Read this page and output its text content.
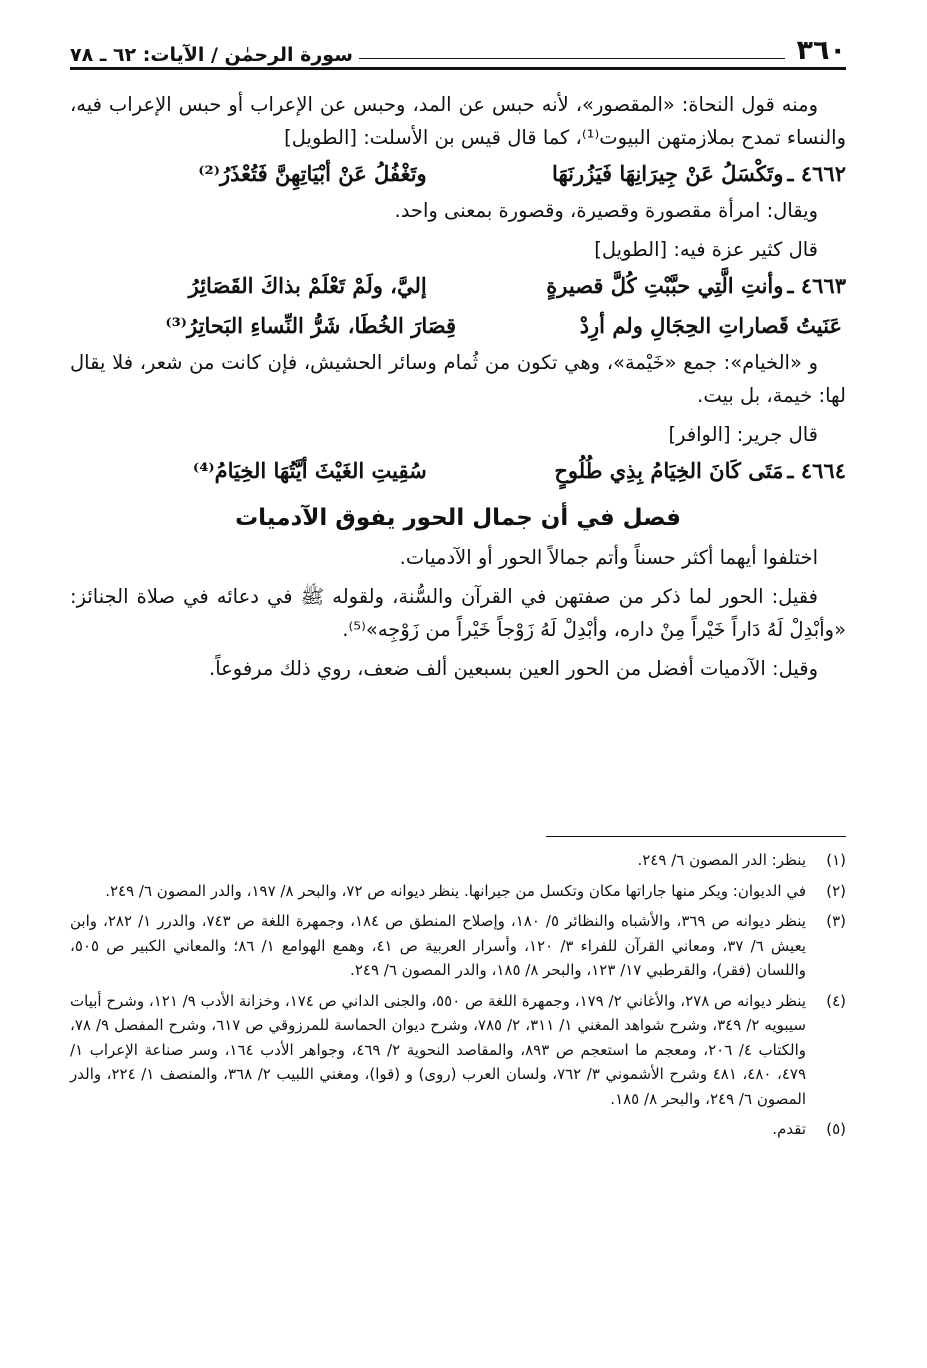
٣٦٠
سورة الرحمٰن / الآيات: ٦٢ ـ ٧٨

ومنه قول النحاة: «المقصور»، لأنه حبس عن المد، وحبس عن الإعراب أو حبس الإعراب فيه، والنساء تمدح بملازمتهن البيوت⁽¹⁾، كما قال قيس بن الأسلت: [الطويل]

٤٦٦٢ ـ
وتَكْسَلُ عَنْ جِيرَانِهَا فَيَزُرنَهَا
وتَغْفُلُ عَنْ أبْيَاتِهِنَّ فَتُعْذَرُ⁽²⁾

ويقال: امرأة مقصورة وقصيرة، وقصورة بمعنى واحد.

قال كثير عزة فيه: [الطويل]

٤٦٦٣ ـ
وأنتِ الَّتِي حبَّبْتِ كُلَّ قصيرةٍ
إليَّ، ولَمْ تَعْلَمْ بذاكَ القَصَائِرُ
عَنَيتُ قَصاراتِ الحِجَالِ ولم أرِدْ
قِصَارَ الخُطَا، شَرُّ النِّساءِ البَحاتِرُ⁽³⁾

و «الخيام»: جمع «خَيْمة»، وهي تكون من ثُمام وسائر الحشيش، فإن كانت من شعر، فلا يقال لها: خيمة، بل بيت.

قال جرير: [الوافر]

٤٦٦٤ ـ
مَتَى كَانَ الخِيَامُ بِذِي طُلُوحٍ
سُقِيتِ الغَيْثَ أيَّتُهَا الخِيَامُ⁽⁴⁾
فصل في أن جمال الحور يفوق الآدميات

اختلفوا أيهما أكثر حسناً وأتم جمالاً الحور أو الآدميات.

فقيل: الحور لما ذكر من صفتهن في القرآن والسُّنة، ولقوله ﷺ في دعائه في صلاة الجنائز: «وأبْدِلْ لَهُ دَاراً خَيْراً مِنْ داره، وأبْدِلْ لَهُ زَوْجاً خَيْراً من زَوْجِه»⁽⁵⁾.

وقيل: الآدميات أفضل من الحور العين بسبعين ألف ضعف، روي ذلك مرفوعاً.

(١)
ينظر: الدر المصون ٦/ ٢٤٩.
(٢)
في الديوان: ويكر منها جاراتها مكان وتكسل من جيرانها. ينظر ديوانه ص ٧٢، والبحر ٨/ ١٩٧، والدر المصون ٦/ ٢٤٩.
(٣)
ينظر ديوانه ص ٣٦٩، والأشباه والنظائر ٥/ ١٨٠، وإصلاح المنطق ص ١٨٤، وجمهرة اللغة ص ٧٤٣، والدرر ١/ ٢٨٢، وابن يعيش ٦/ ٣٧، ومعاني القرآن للفراء ٣/ ١٢٠، وأسرار العربية ص ٤١، وهمع الهوامع ١/ ٨٦؛ والمعاني الكبير ص ٥٠٥، واللسان (فقر)، والقرطبي ١٧/ ١٢٣، والبحر ٨/ ١٨٥، والدر المصون ٦/ ٢٤٩.
(٤)
ينظر ديوانه ص ٢٧٨، والأغاني ٢/ ١٧٩، وجمهرة اللغة ص ٥٥٠، والجنى الداني ص ١٧٤، وخزانة الأدب ٩/ ١٢١، وشرح أبيات سيبويه ٢/ ٣٤٩، وشرح شواهد المغني ١/ ٣١١، ٢/ ٧٨٥، وشرح ديوان الحماسة للمرزوقي ص ٦١٧، وشرح المفصل ٩/ ٧٨، والكتاب ٤/ ٢٠٦، ومعجم ما استعجم ص ٨٩٣، والمقاصد النحوية ٢/ ٤٦٩، وجواهر الأدب ١٦٤، وسر صناعة الإعراب ١/ ٤٧٩، ٤٨٠، ٤٨١ وشرح الأشموني ٣/ ٧٦٢، ولسان العرب (روى) و (قوا)، ومغني اللبيب ٢/ ٣٦٨، والمنصف ١/ ٢٢٤، والدر المصون ٦/ ٢٤٩، والبحر ٨/ ١٨٥.
(٥)
تقدم.
